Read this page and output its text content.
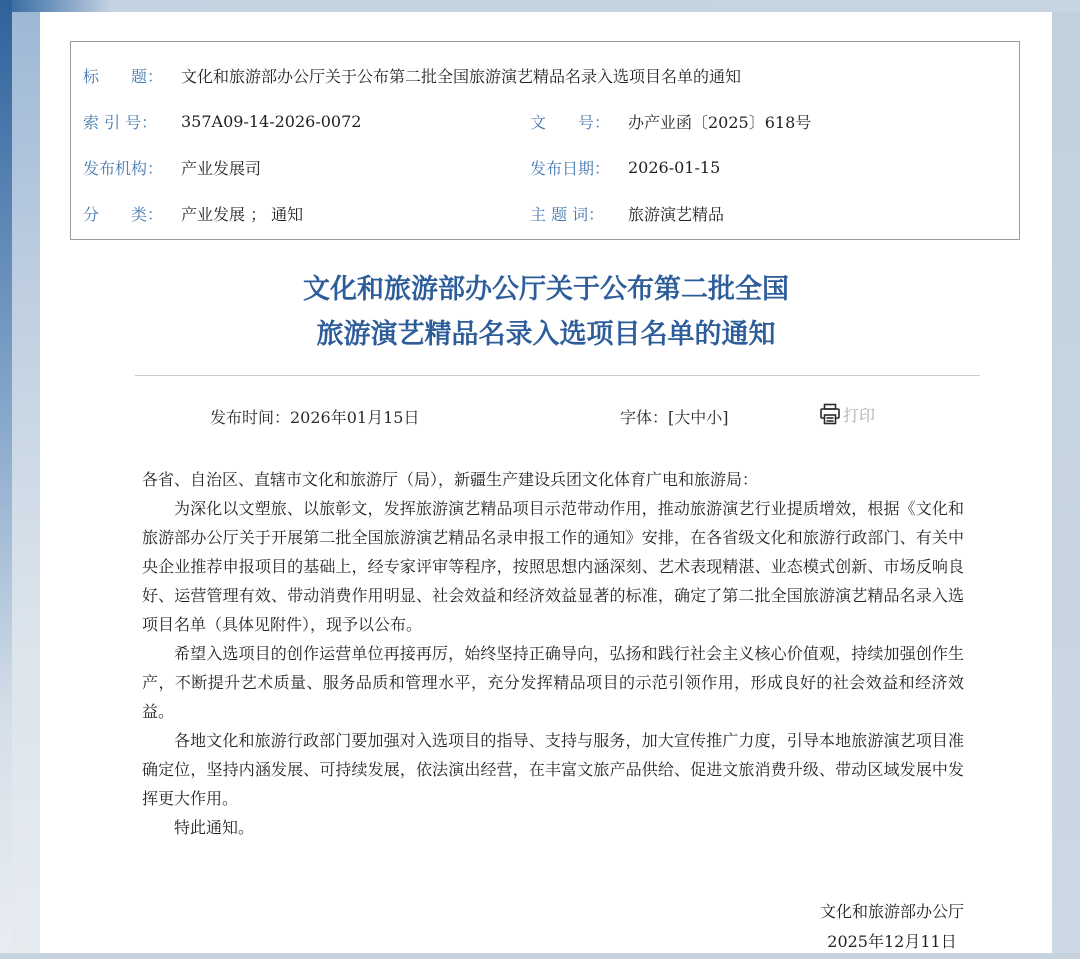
标　　题：	文化和旅游部办公厅关于公布第二批全国旅游演艺精品名录入选项目名单的通知
索 引 号：	357A09-14-2026-0072	文　　号：	办产业函〔2025〕618号
发布机构：	产业发展司	发布日期：	2026-01-15
分　　类：	产业发展 ； 通知	主 题 词：	旅游演艺精品
文化和旅游部办公厅关于公布第二批全国
旅游演艺精品名录入选项目名单的通知
发布时间：2026年01月15日	字体：[大中小]	打印

各省、自治区、直辖市文化和旅游厅（局），新疆生产建设兵团文化体育广电和旅游局：

为深化以文塑旅、以旅彰文，发挥旅游演艺精品项目示范带动作用，推动旅游演艺行业提质增效，根据《文化和旅游部办公厅关于开展第二批全国旅游演艺精品名录申报工作的通知》安排，在各省级文化和旅游行政部门、有关中央企业推荐申报项目的基础上，经专家评审等程序，按照思想内涵深刻、艺术表现精湛、业态模式创新、市场反响良好、运营管理有效、带动消费作用明显、社会效益和经济效益显著的标准，确定了第二批全国旅游演艺精品名录入选项目名单（具体见附件），现予以公布。

希望入选项目的创作运营单位再接再厉，始终坚持正确导向，弘扬和践行社会主义核心价值观，持续加强创作生产，不断提升艺术质量、服务品质和管理水平，充分发挥精品项目的示范引领作用，形成良好的社会效益和经济效益。

各地文化和旅游行政部门要加强对入选项目的指导、支持与服务，加大宣传推广力度，引导本地旅游演艺项目准确定位，坚持内涵发展、可持续发展，依法演出经营，在丰富文旅产品供给、促进文旅消费升级、带动区域发展中发挥更大作用。

特此通知。

文化和旅游部办公厅
2025年12月11日
